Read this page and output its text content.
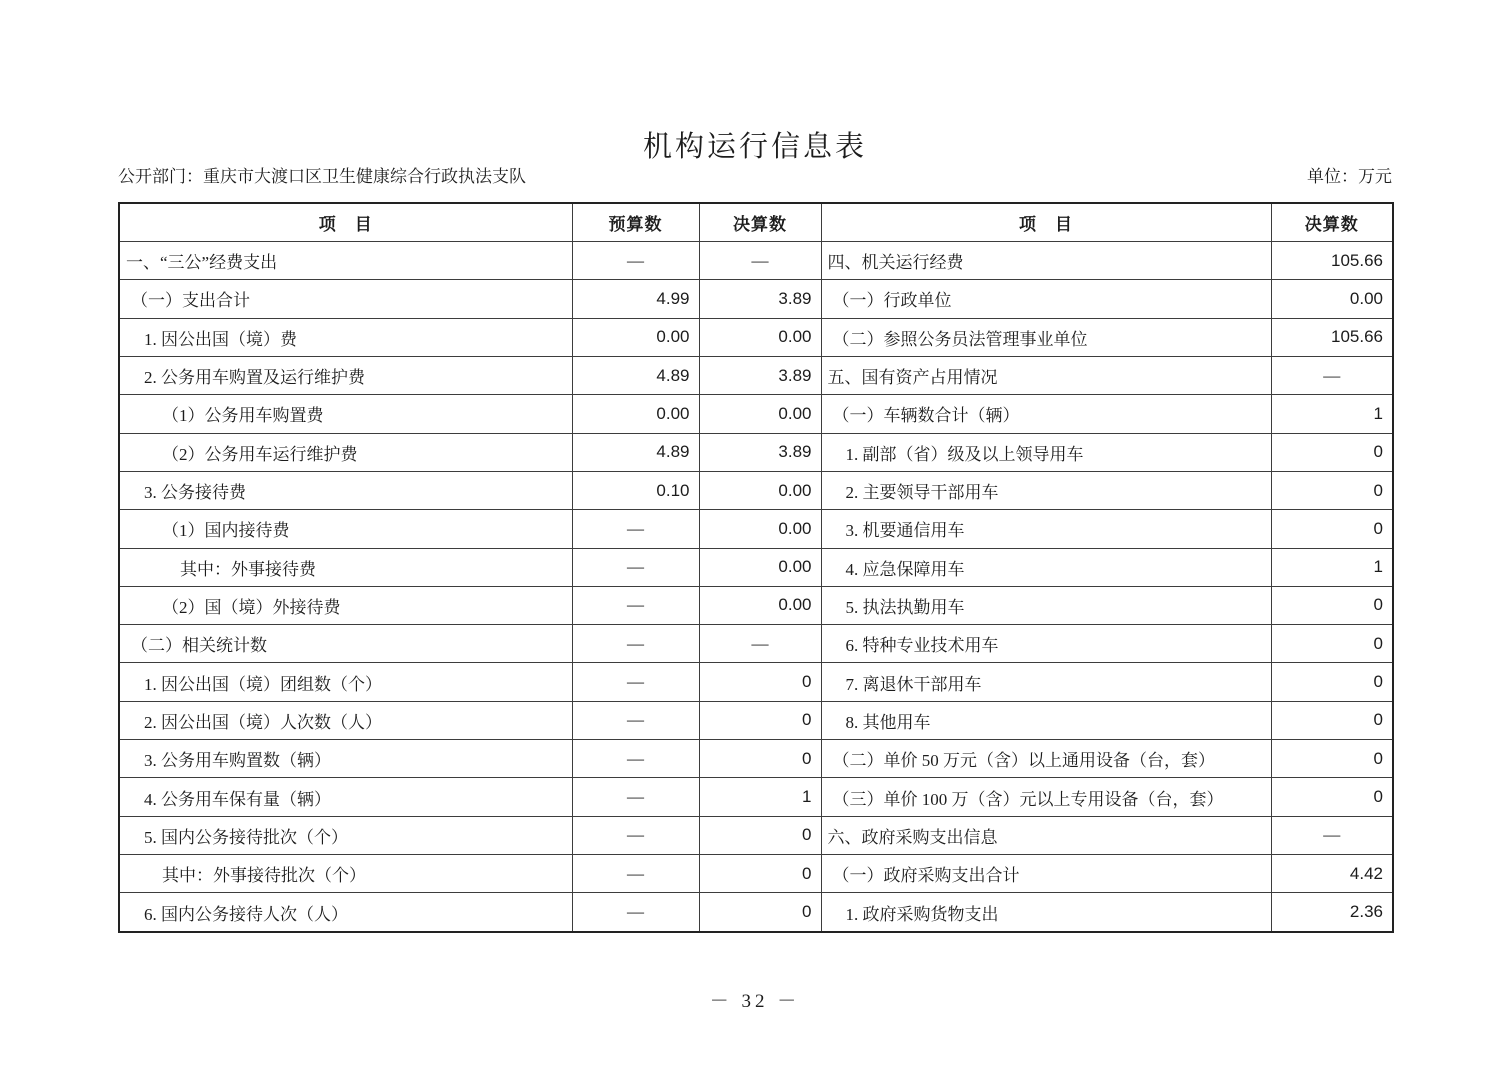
机构运行信息表
公开部门：重庆市大渡口区卫生健康综合行政执法支队	单位：万元
项　目	预算数	决算数	项　目	决算数
一、“三公”经费支出	—	—	四、机关运行经费	105.66
（一）支出合计	4.99	3.89	（一）行政单位	0.00
1. 因公出国（境）费	0.00	0.00	（二）参照公务员法管理事业单位	105.66
2. 公务用车购置及运行维护费	4.89	3.89	五、国有资产占用情况	—
（1）公务用车购置费	0.00	0.00	（一）车辆数合计（辆）	1
（2）公务用车运行维护费	4.89	3.89	1. 副部（省）级及以上领导用车	0
3. 公务接待费	0.10	0.00	2. 主要领导干部用车	0
（1）国内接待费	—	0.00	3. 机要通信用车	0
其中：外事接待费	—	0.00	4. 应急保障用车	1
（2）国（境）外接待费	—	0.00	5. 执法执勤用车	0
（二）相关统计数	—	—	6. 特种专业技术用车	0
1. 因公出国（境）团组数（个）	—	0	7. 离退休干部用车	0
2. 因公出国（境）人次数（人）	—	0	8. 其他用车	0
3. 公务用车购置数（辆）	—	0	（二）单价 50 万元（含）以上通用设备（台，套）	0
4. 公务用车保有量（辆）	—	1	（三）单价 100 万（含）元以上专用设备（台，套）	0
5. 国内公务接待批次（个）	—	0	六、政府采购支出信息	—
其中：外事接待批次（个）	—	0	（一）政府采购支出合计	4.42
6. 国内公务接待人次（人）	—	0	1. 政府采购货物支出	2.36
－ 32 －
